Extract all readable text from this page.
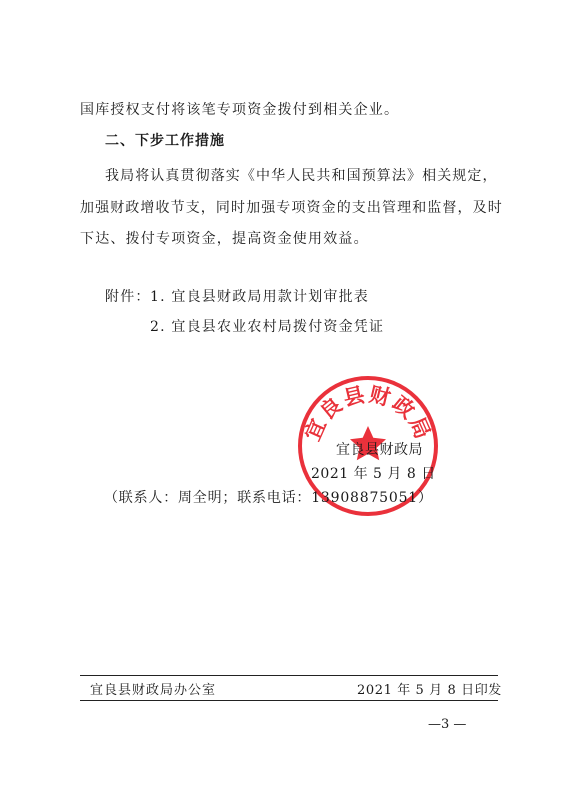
国库授权支付将该笔专项资金拨付到相关企业。
二、下步工作措施
我局将认真贯彻落实《中华人民共和国预算法》相关规定，
加强财政增收节支，同时加强专项资金的支出管理和监督，及时
下达、拨付专项资金，提高资金使用效益。
附件： 1. 宜良县财政局用款计划审批表
2. 宜良县农业农村局拨付资金凭证
宜良县财政局
宜良县财政局
2021 年 5 月 8 日
（联系人：周全明；联系电话：13908875051）
宜良县财政局办公室	2021 年 5 月 8 日印发
—3 —
